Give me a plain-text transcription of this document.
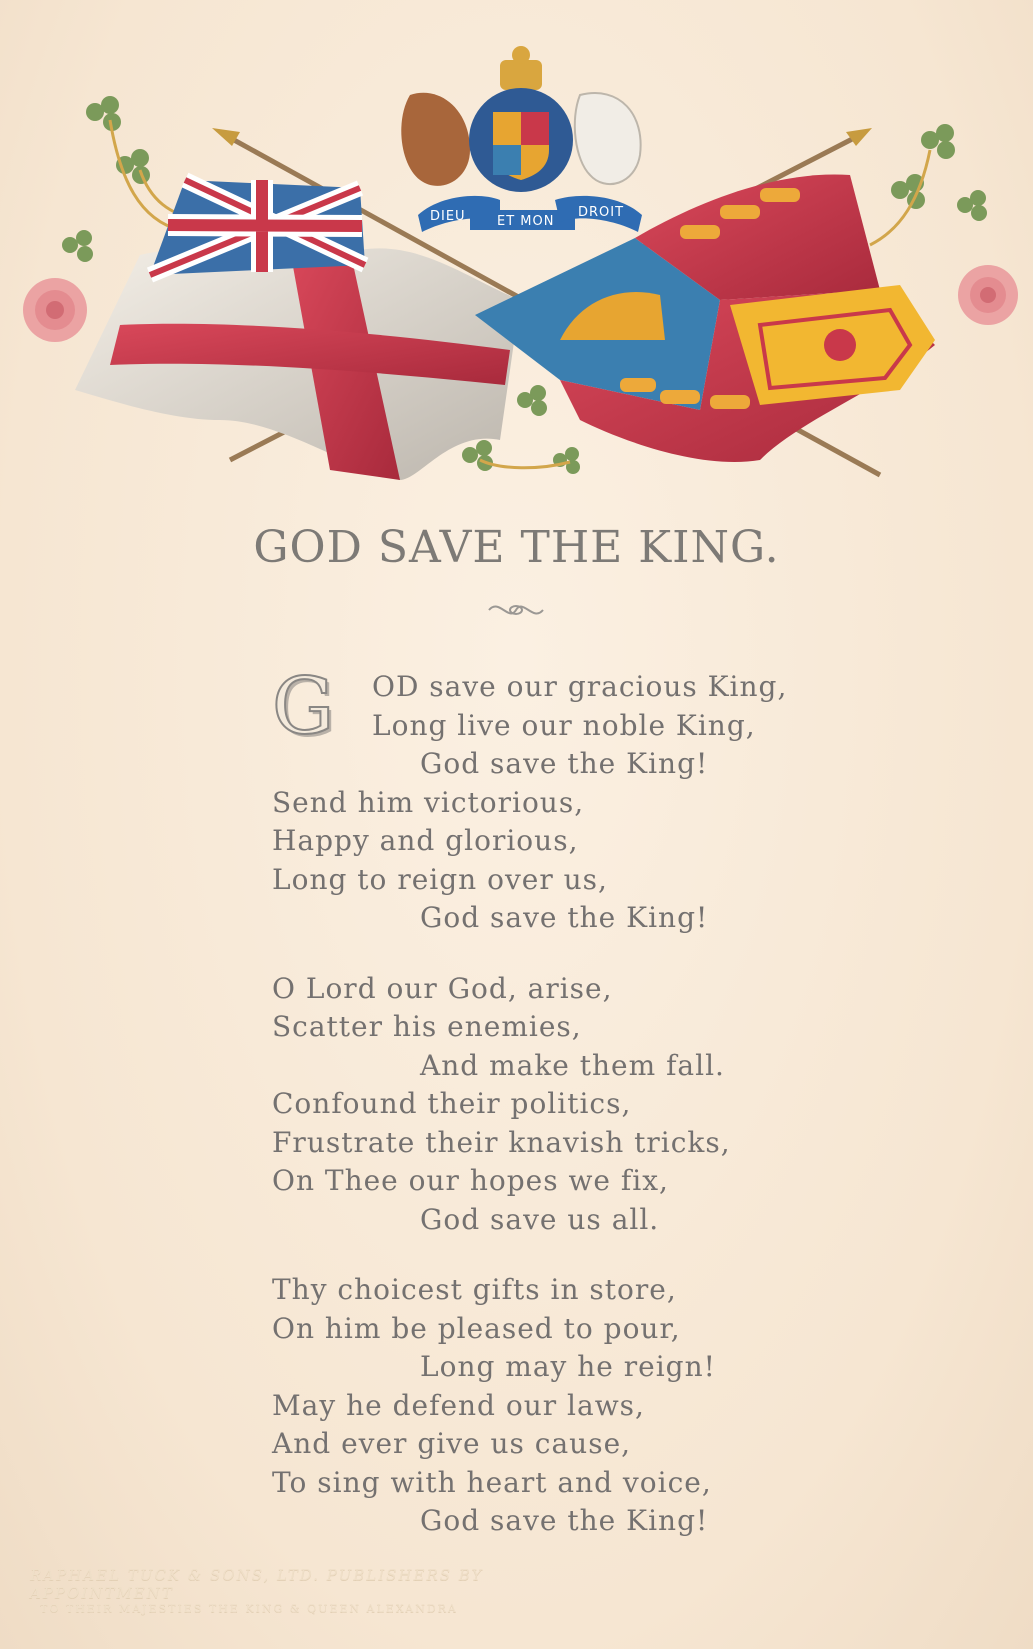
DIEU ET MON
DROIT
GOD SAVE THE KING.
G	OD save our gracious King,
Long live our noble King,
God save the King!
Send him victorious,
Happy and glorious,
Long to reign over us,
God save the King!
O Lord our God, arise,
Scatter his enemies,
And make them fall.
Confound their politics,
Frustrate their knavish tricks,
On Thee our hopes we fix,
God save us all.
Thy choicest gifts in store,
On him be pleased to pour,
Long may he reign!
May he defend our laws,
And ever give us cause,
To sing with heart and voice,
God save the King!
RAPHAEL TUCK & SONS, LTD. PUBLISHERS BY APPOINTMENT
TO THEIR MAJESTIES THE KING & QUEEN ALEXANDRA
